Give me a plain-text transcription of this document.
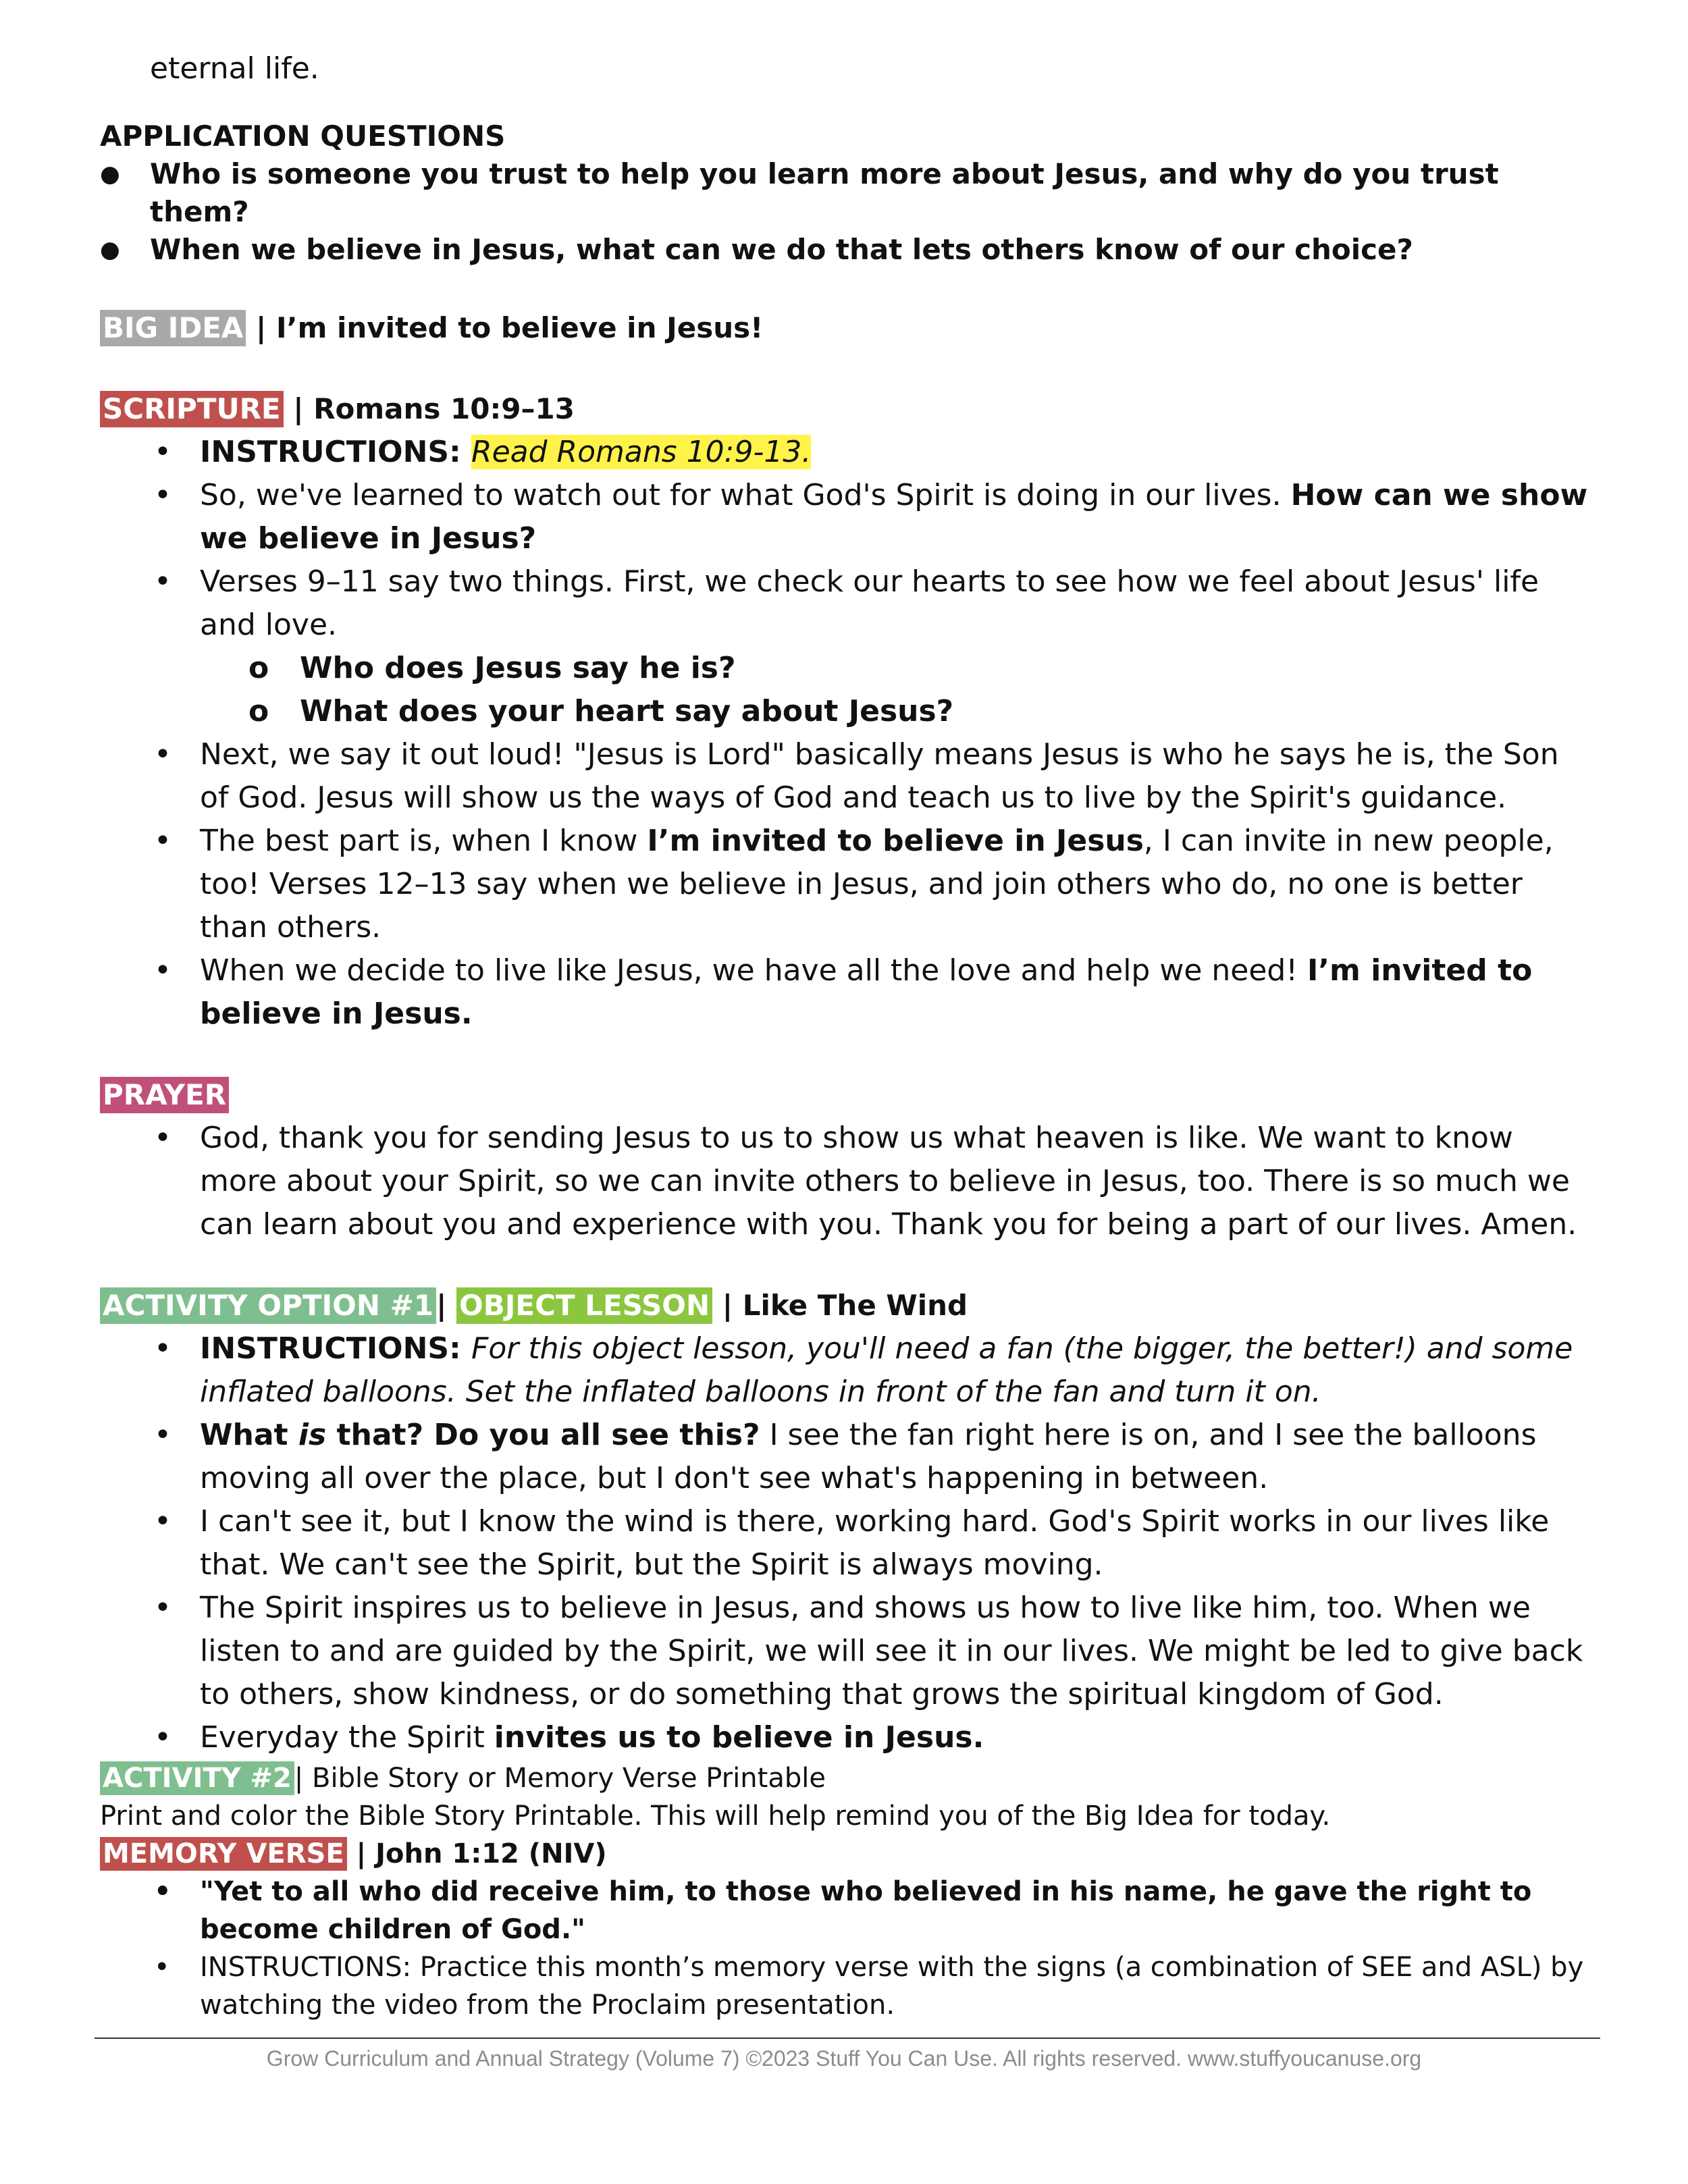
eternal life.

APPLICATION QUESTIONS

● Who is someone you trust to help you learn more about Jesus, and why do you trust them?
● When we believe in Jesus, what can we do that lets others know of our choice?

BIG IDEA | I’m invited to believe in Jesus!

SCRIPTURE | Romans 10:9–13

• INSTRUCTIONS: Read Romans 10:9-13.
• So, we've learned to watch out for what God's Spirit is doing in our lives. How can we show we believe in Jesus?
• Verses 9–11 say two things. First, we check our hearts to see how we feel about Jesus' life and love.
o Who does Jesus say he is?
o What does your heart say about Jesus?
• Next, we say it out loud! "Jesus is Lord" basically means Jesus is who he says he is, the Son of God. Jesus will show us the ways of God and teach us to live by the Spirit's guidance.
• The best part is, when I know I’m invited to believe in Jesus, I can invite in new people, too! Verses 12–13 say when we believe in Jesus, and join others who do, no one is better than others.
• When we decide to live like Jesus, we have all the love and help we need! I’m invited to believe in Jesus.

PRAYER

• God, thank you for sending Jesus to us to show us what heaven is like. We want to know more about your Spirit, so we can invite others to believe in Jesus, too. There is so much we can learn about you and experience with you. Thank you for being a part of our lives. Amen.

ACTIVITY OPTION #1| OBJECT LESSON | Like The Wind

• INSTRUCTIONS: For this object lesson, you'll need a fan (the bigger, the better!) and some inflated balloons. Set the inflated balloons in front of the fan and turn it on.
• What is that? Do you all see this? I see the fan right here is on, and I see the balloons moving all over the place, but I don't see what's happening in between.
• I can't see it, but I know the wind is there, working hard. God's Spirit works in our lives like that. We can't see the Spirit, but the Spirit is always moving.
• The Spirit inspires us to believe in Jesus, and shows us how to live like him, too. When we listen to and are guided by the Spirit, we will see it in our lives. We might be led to give back to others, show kindness, or do something that grows the spiritual kingdom of God.
• Everyday the Spirit invites us to believe in Jesus.

ACTIVITY #2 | Bible Story or Memory Verse Printable

Print and color the Bible Story Printable. This will help remind you of the Big Idea for today.

MEMORY VERSE | John 1:12 (NIV)

• "Yet to all who did receive him, to those who believed in his name, he gave the right to become children of God."
• INSTRUCTIONS: Practice this month’s memory verse with the signs (a combination of SEE and ASL) by watching the video from the Proclaim presentation.
Grow Curriculum and Annual Strategy (Volume 7) ©2023 Stuff You Can Use. All rights reserved. www.stuffyoucanuse.org
